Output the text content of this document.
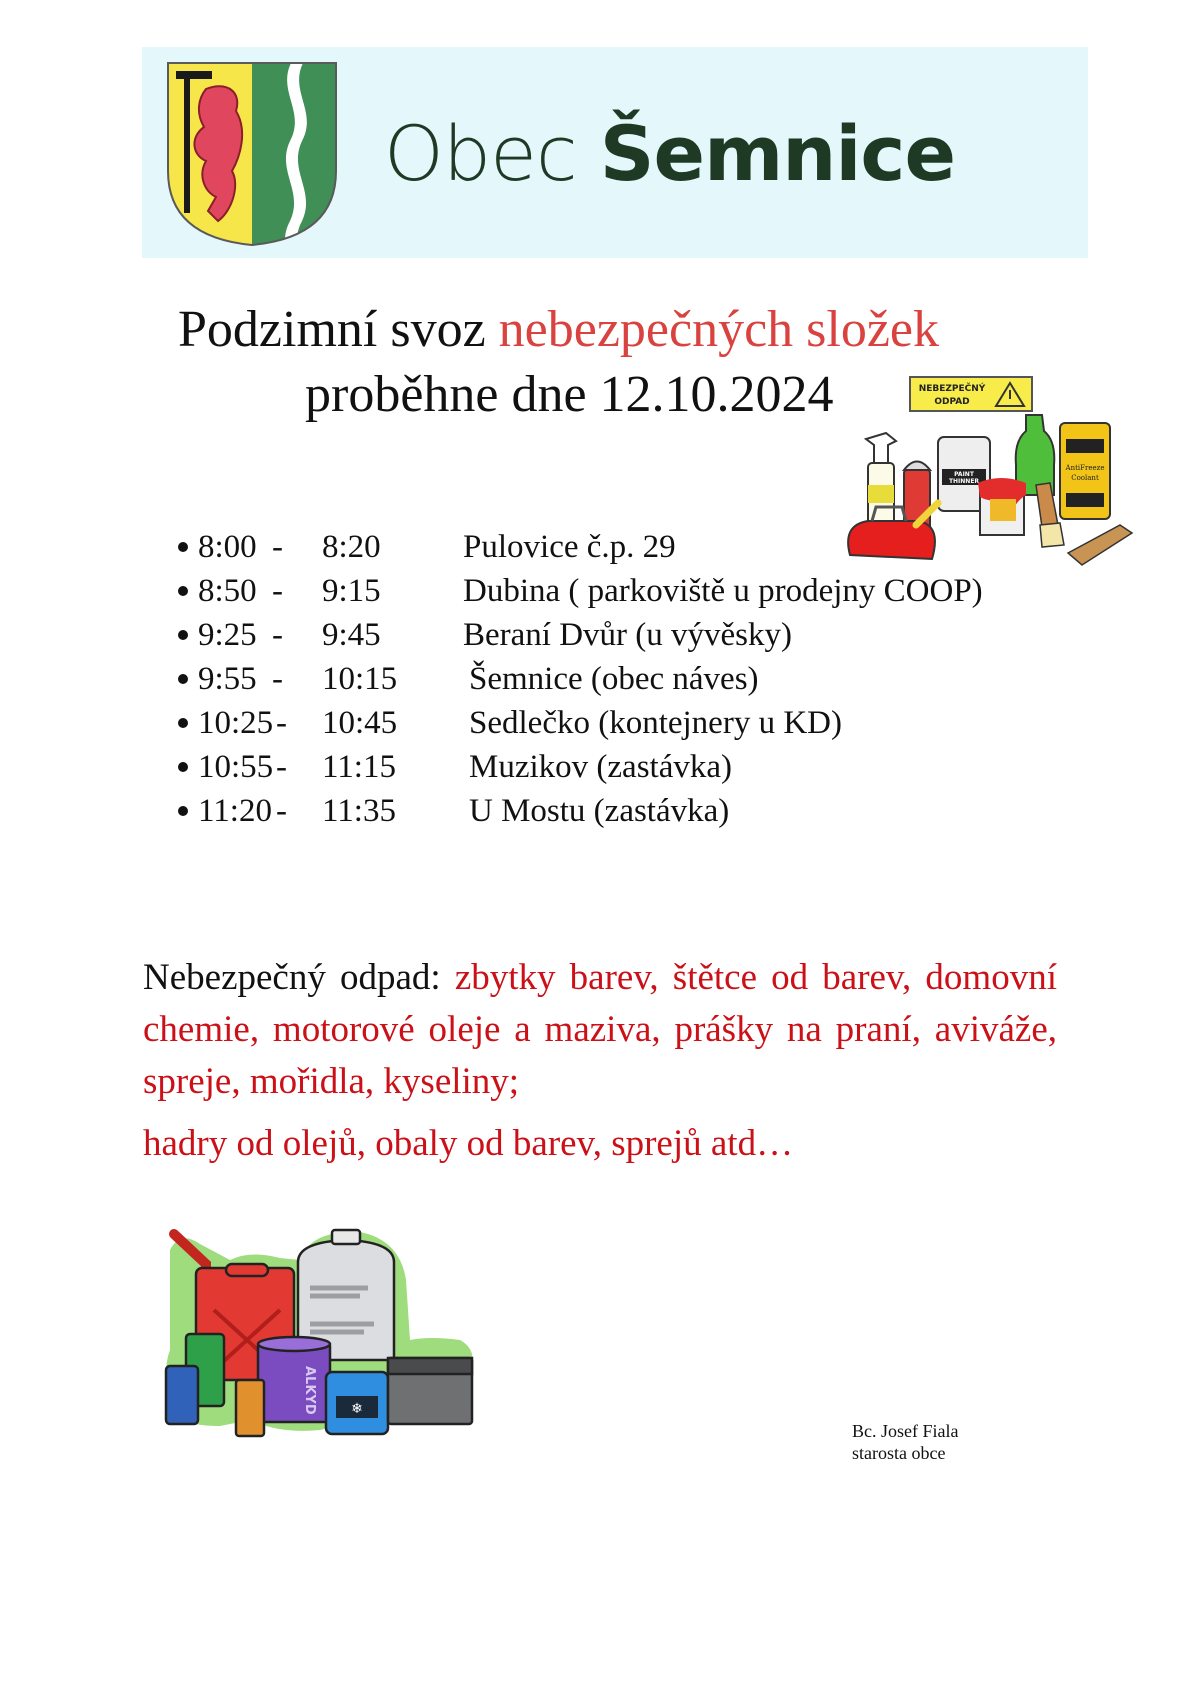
Obec Šemnice
Podzimní svoz nebezpečných složek
proběhne dne 12.10.2024	NEBEZPEČNÝ
ODPAD
PAINT
THINNER
AntiFreeze
Coolant
8:00 - 8:20 Pulovice č.p. 29
8:50 - 9:15 Dubina ( parkoviště u prodejny COOP)
9:25 - 9:45 Beraní Dvůr (u vývěsky)
9:55 - 10:15 Šemnice (obec náves)
10:25 - 10:45 Sedlečko (kontejnery u KD)
10:55 - 11:15 Muzikov (zastávka)
11:20 - 11:35 U Mostu (zastávka)
Nebezpečný odpad: zbytky barev, štětce od barev, domovní chemie, motorové oleje a maziva, prášky na praní, aviváže, spreje, mořidla, kyseliny;
hadry od olejů, obaly od barev, sprejů atd…
ALKYD ❄
Bc. Josef Fiala
starosta obce
